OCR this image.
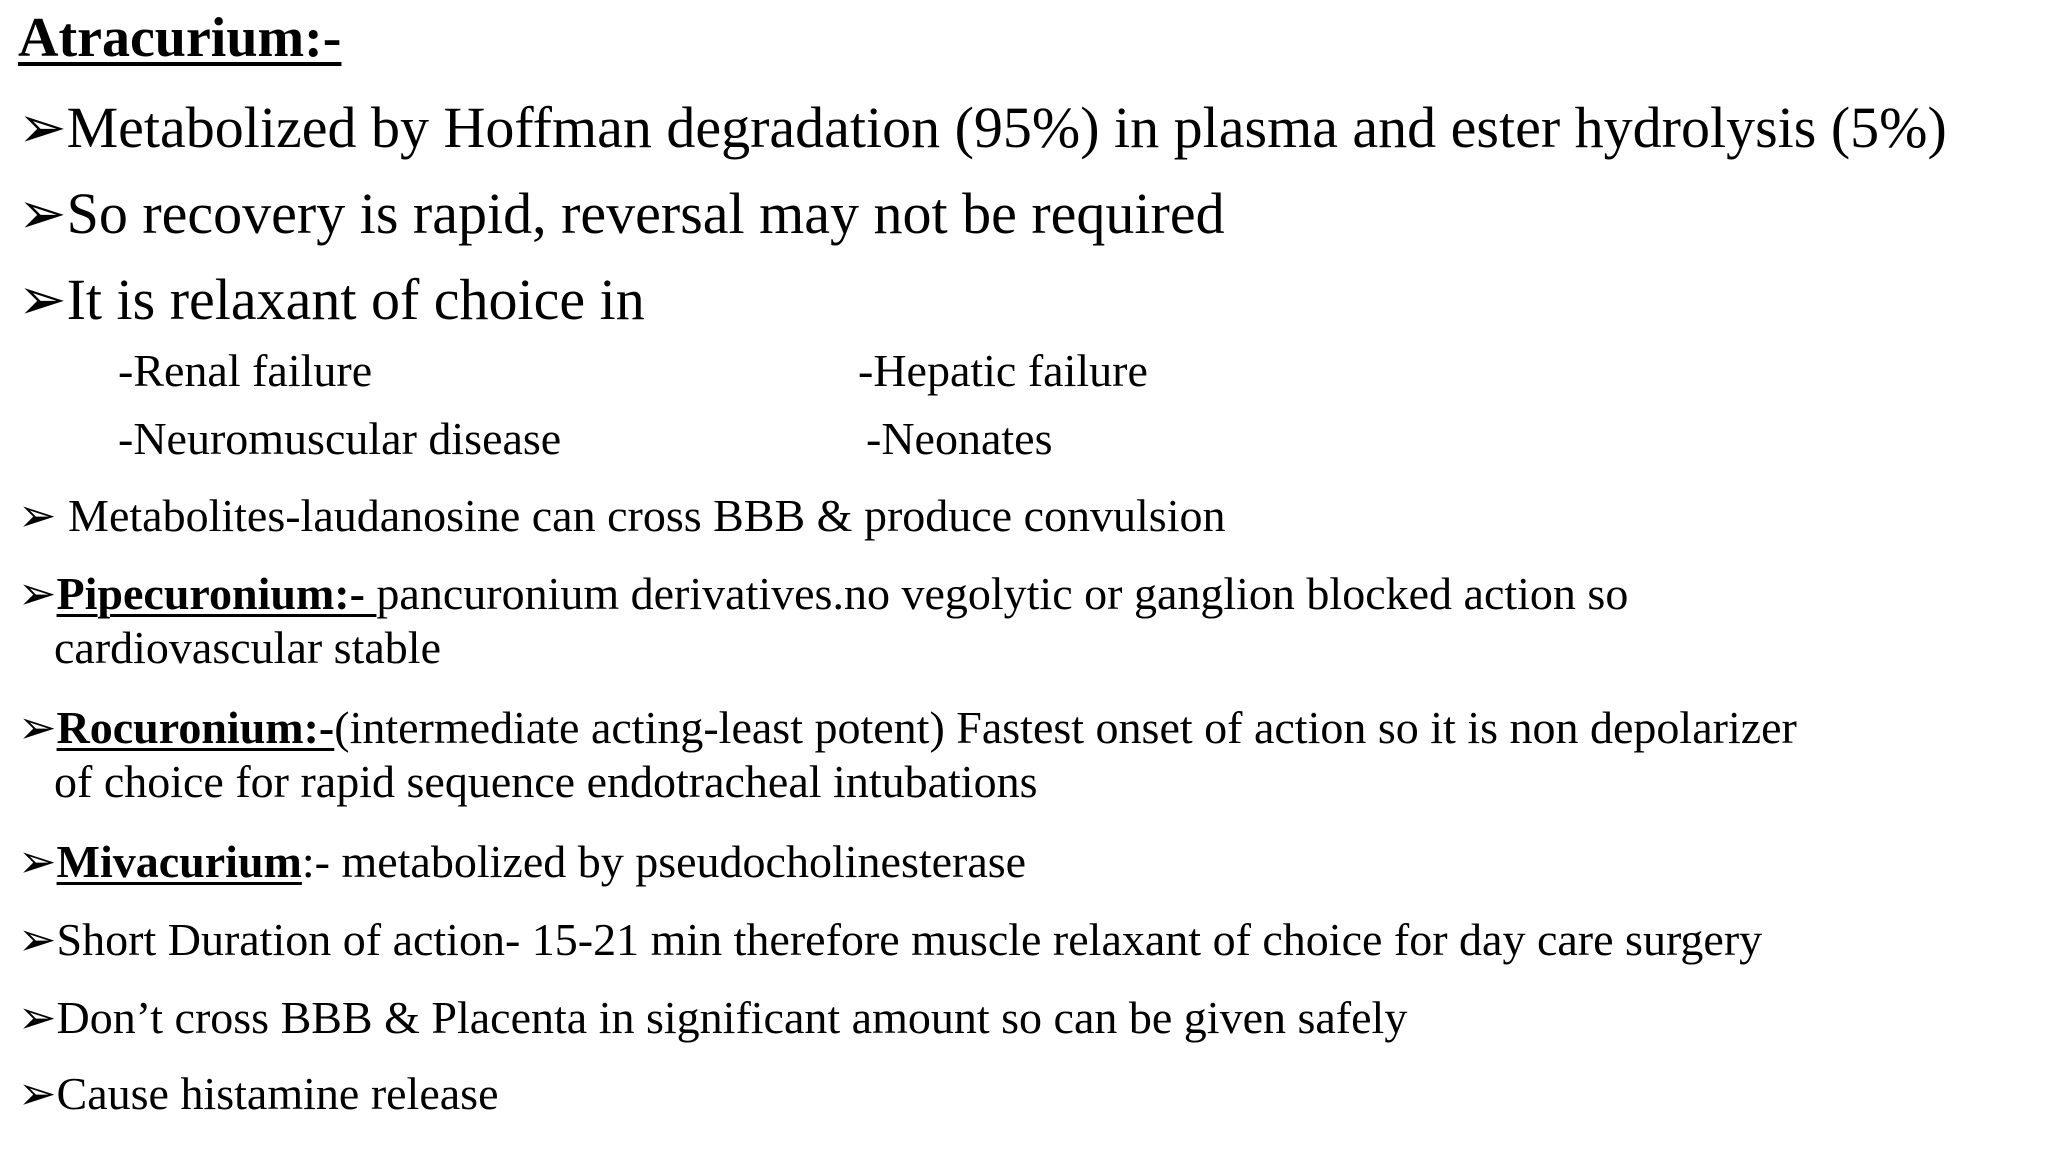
Atracurium:-
➢Metabolized by Hoffman degradation (95%) in plasma and ester hydrolysis (5%)
➢So recovery is rapid, reversal may not be required
➢It is relaxant of choice in
-Renal failure	-Hepatic failure
-Neuromuscular disease	-Neonates
➢ Metabolites-laudanosine can cross BBB & produce convulsion
➢Pipecuronium:- pancuronium derivatives.no vegolytic or ganglion blocked action so
cardiovascular stable
➢Rocuronium:-(intermediate acting-least potent) Fastest onset of action so it is non depolarizer
of choice for rapid sequence endotracheal intubations
➢Mivacurium:- metabolized by pseudocholinesterase
➢Short Duration of action- 15-21 min therefore muscle relaxant of choice for day care surgery
➢Don’t cross BBB & Placenta in significant amount so can be given safely
➢Cause histamine release
